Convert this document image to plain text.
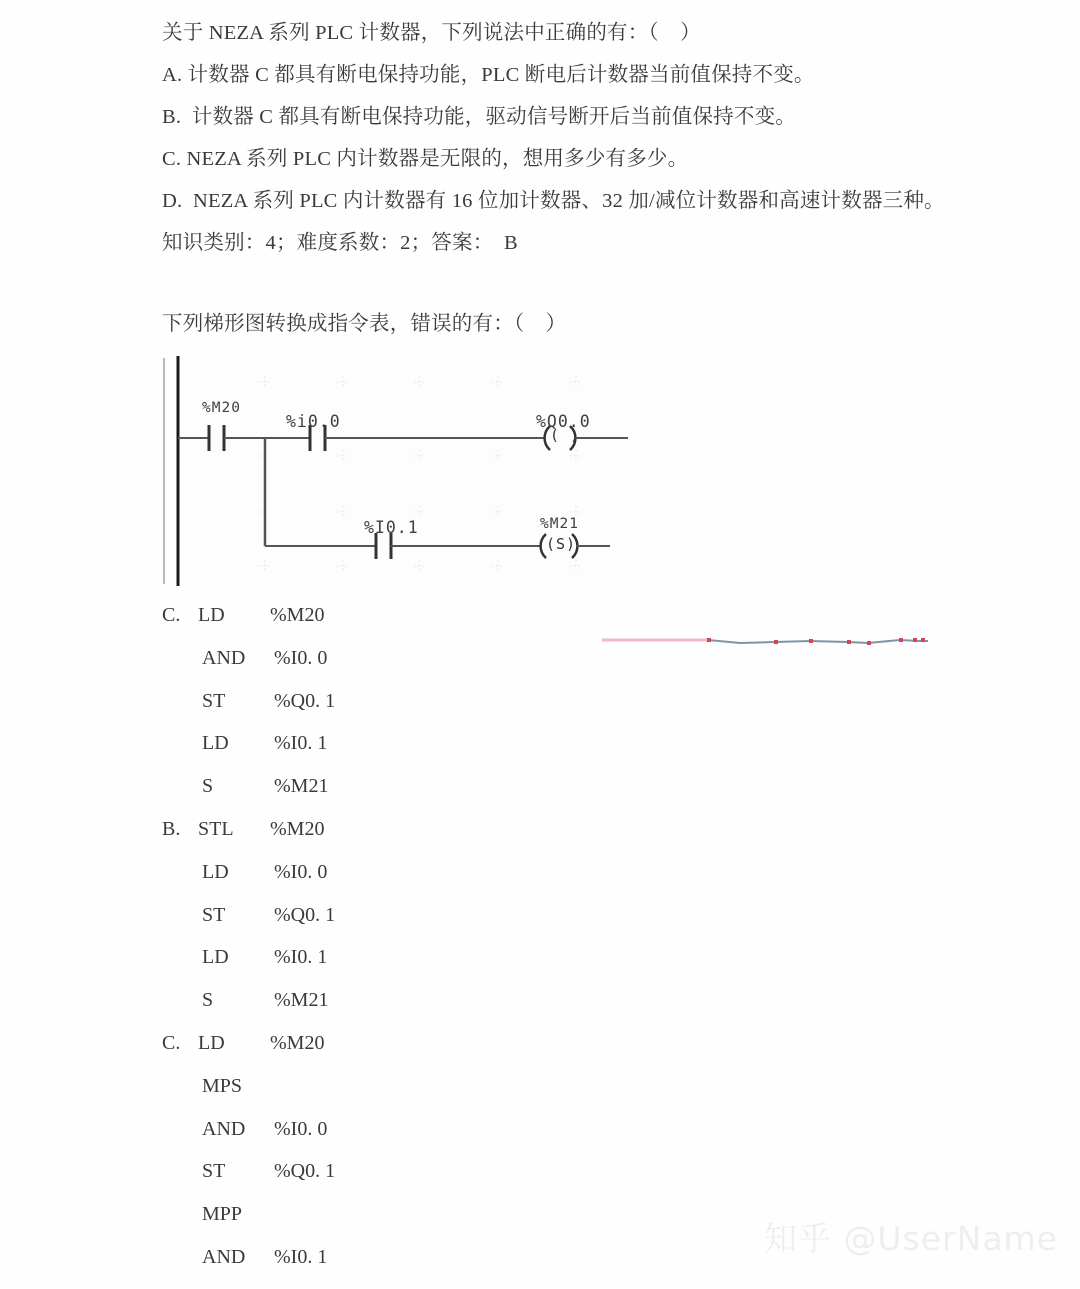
关于 NEZA 系列 PLC 计数器，下列说法中正确的有：（    ）
A. 计数器 C 都具有断电保持功能，PLC 断电后计数器当前值保持不变。
B.  计数器 C 都具有断电保持功能，驱动信号断开后当前值保持不变。
C. NEZA 系列 PLC 内计数器是无限的，想用多少有多少。
D.  NEZA 系列 PLC 内计数器有 16 位加计数器、32 加/减位计数器和高速计数器三种。
知识类别：4；难度系数：2；答案：  B
下列梯形图转换成指令表，错误的有：（    ）
%M20
%i0.0	%Q0.0
( )
%I0.1	%M21
(S)
C. LD %M20
AND %I0. 0
ST %Q0. 1
LD %I0. 1
S	%M21
B. STL %M20
LD %I0. 0
ST %Q0. 1
LD %I0. 1
S	%M21
C. LD %M20
MPS
AND %I0. 0
ST %Q0. 1
MPP
AND %I0. 1	知乎 @UserName
